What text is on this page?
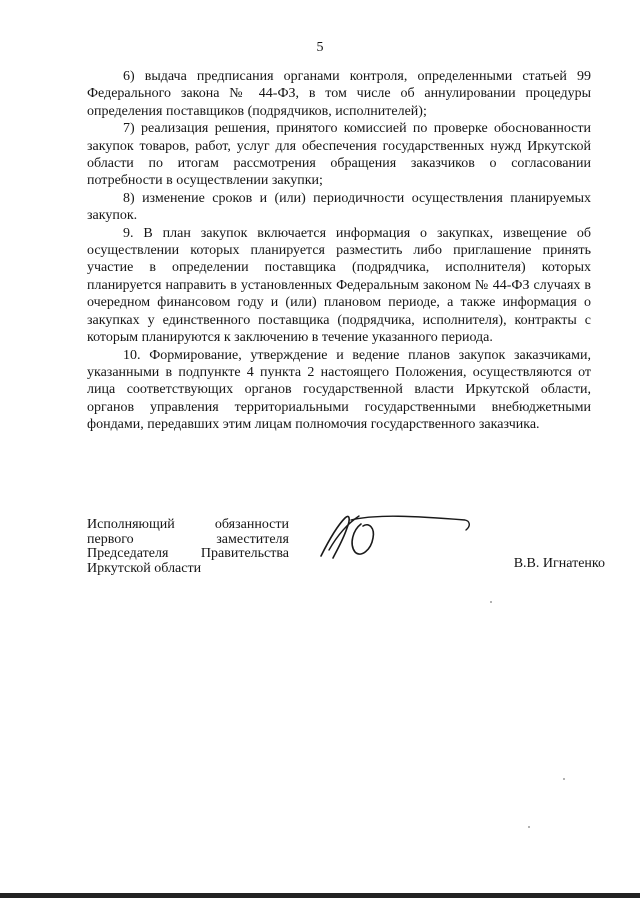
5

6) выдача предписания органами контроля, определенными статьей 99 Федерального закона № 44-ФЗ, в том числе об аннулировании процедуры определения поставщиков (подрядчиков, исполнителей);

7) реализация решения, принятого комиссией по проверке обоснованности закупок товаров, работ, услуг для обеспечения государственных нужд Иркутской области по итогам рассмотрения обращения заказчиков о согласовании потребности в осуществлении закупки;

8) изменение сроков и (или) периодичности осуществления планируемых закупок.

9. В план закупок включается информация о закупках, извещение об осуществлении которых планируется разместить либо приглашение принять участие в определении поставщика (подрядчика, исполнителя) которых планируется направить в установленных Федеральным законом № 44-ФЗ случаях в очередном финансовом году и (или) плановом периоде, а также информация о закупках у единственного поставщика (подрядчика, исполнителя), контракты с которым планируются к заключению в течение указанного периода.

10. Формирование, утверждение и ведение планов закупок заказчиками, указанными в подпункте 4 пункта 2 настоящего Положения, осуществляются от лица соответствующих органов государственной власти Иркутской области, органов управления территориальными государственными внебюджетными фондами, передавших этим лицам полномочия государственного заказчика.

Исполняющий обязанности
первого заместителя
Председателя Правительства
Иркутской области	В.В. Игнатенко
